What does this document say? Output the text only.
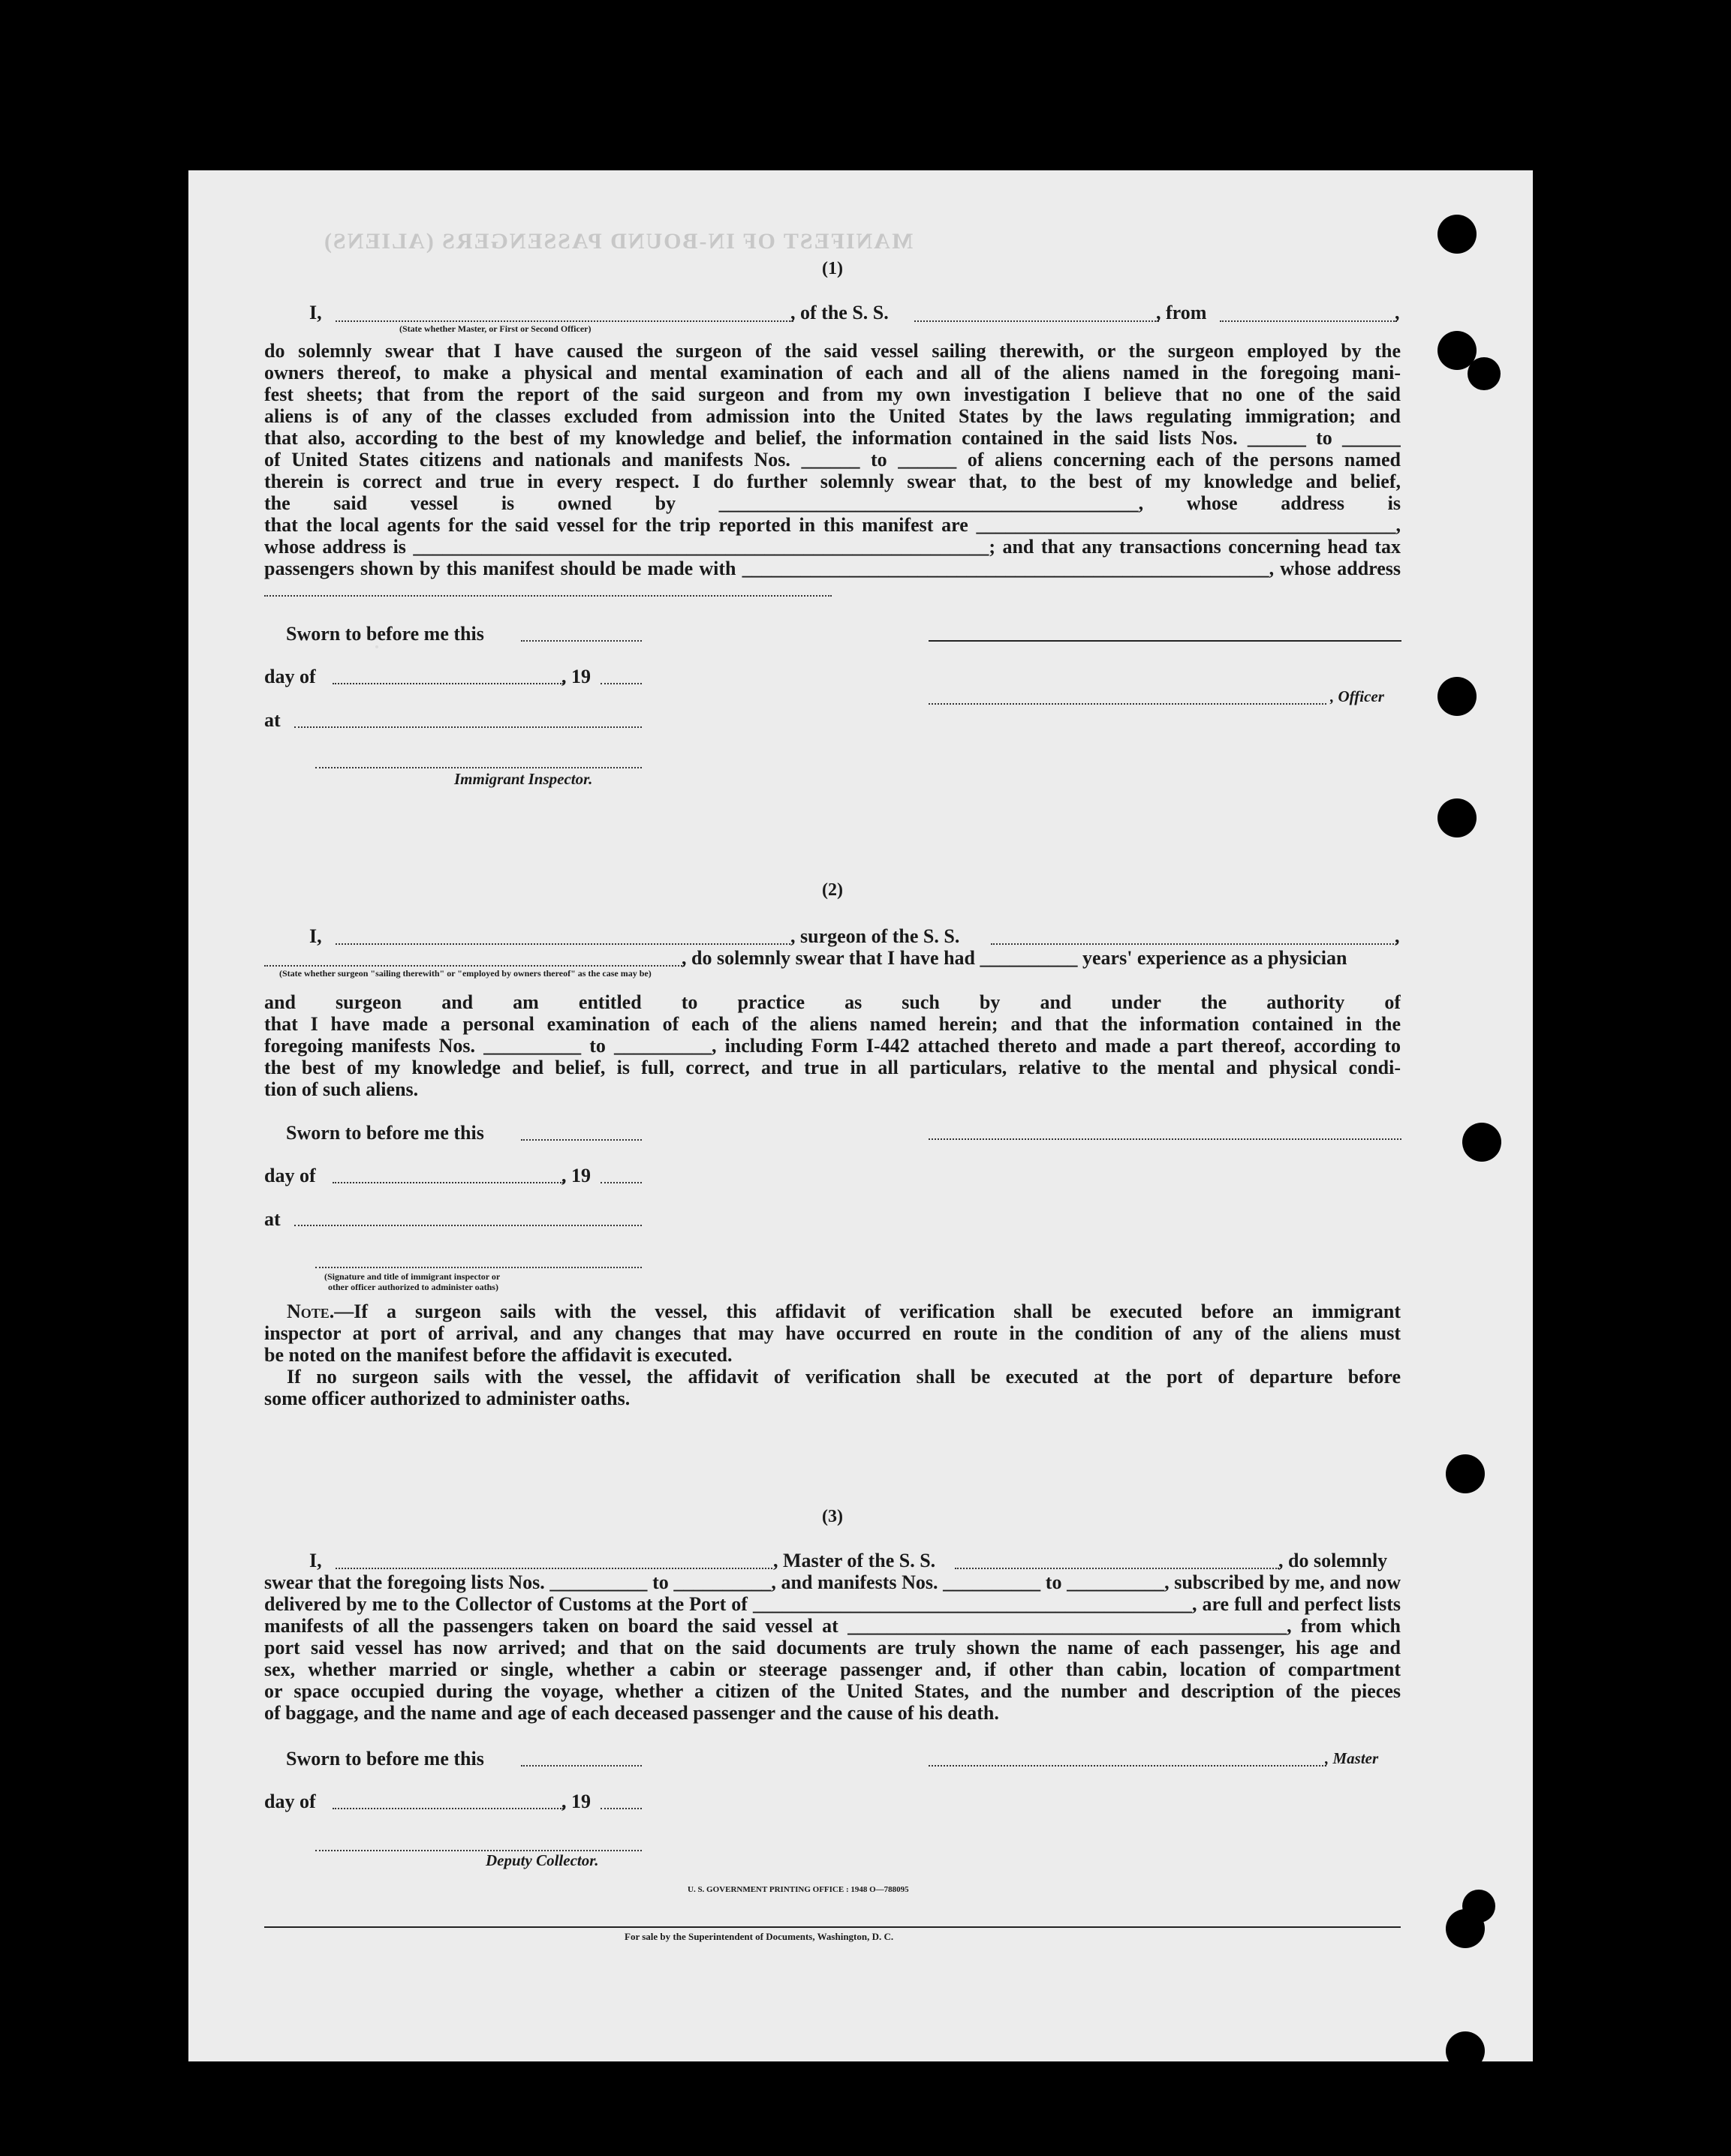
MANIFEST OF IN-BOUND PASSENGERS (ALIENS)
(1)
I,	, of the S. S.	, from	,
(State whether Master, or First or Second Officer)
do solemnly swear that I have caused the surgeon of the said vessel sailing therewith, or the surgeon employed by the
owners thereof, to make a physical and mental examination of each and all of the aliens named in the foregoing mani-
fest sheets; that from the report of the said surgeon and from my own investigation I believe that no one of the said
aliens is of any of the classes excluded from admission into the United States by the laws regulating immigration; and
that also, according to the best of my knowledge and belief, the information contained in the said lists Nos. ______ to ______
of United States citizens and nationals and manifests Nos. ______ to ______ of aliens concerning each of the persons named
therein is correct and true in every respect. I do further solemnly swear that, to the best of my knowledge and belief,
the said vessel is owned by ___________________________________________, whose address is
that the local agents for the said vessel for the trip reported in this manifest are ___________________________________________,
whose address is ___________________________________________________________; and that any transactions concerning head tax
passengers shown by this manifest should be made with ______________________________________________________, whose address
Sworn to before me this
day of	, 19
, Officer
at
Immigrant Inspector.
(2)
I,	, surgeon of the S. S.	,
, do solemnly swear that I have had __________ years' experience as a physician
(State whether surgeon "sailing therewith" or "employed by owners thereof" as the case may be)
and surgeon and am entitled to practice as such by and under the authority of
that I have made a personal examination of each of the aliens named herein; and that the information contained in the
foregoing manifests Nos. __________ to __________, including Form I-442 attached thereto and made a part thereof, according to
the best of my knowledge and belief, is full, correct, and true in all particulars, relative to the mental and physical condi-
tion of such aliens.
Sworn to before me this
day of	, 19
at
(Signature and title of immigrant inspector or
other officer authorized to administer oaths)
Note.—If a surgeon sails with the vessel, this affidavit of verification shall be executed before an immigrant
inspector at port of arrival, and any changes that may have occurred en route in the condition of any of the aliens must
be noted on the manifest before the affidavit is executed.
If no surgeon sails with the vessel, the affidavit of verification shall be executed at the port of departure before
some officer authorized to administer oaths.
(3)
I,	, Master of the S. S.	, do solemnly
swear that the foregoing lists Nos. __________ to __________, and manifests Nos. __________ to __________, subscribed by me, and now
delivered by me to the Collector of Customs at the Port of _____________________________________________, are full and perfect lists
manifests of all the passengers taken on board the said vessel at _____________________________________________, from which
port said vessel has now arrived; and that on the said documents are truly shown the name of each passenger, his age and
sex, whether married or single, whether a cabin or steerage passenger and, if other than cabin, location of compartment
or space occupied during the voyage, whether a citizen of the United States, and the number and description of the pieces
of baggage, and the name and age of each deceased passenger and the cause of his death.
Sworn to before me this	, Master
day of	, 19
Deputy Collector.
U. S. GOVERNMENT PRINTING OFFICE : 1948 O—788095
For sale by the Superintendent of Documents, Washington, D. C.
